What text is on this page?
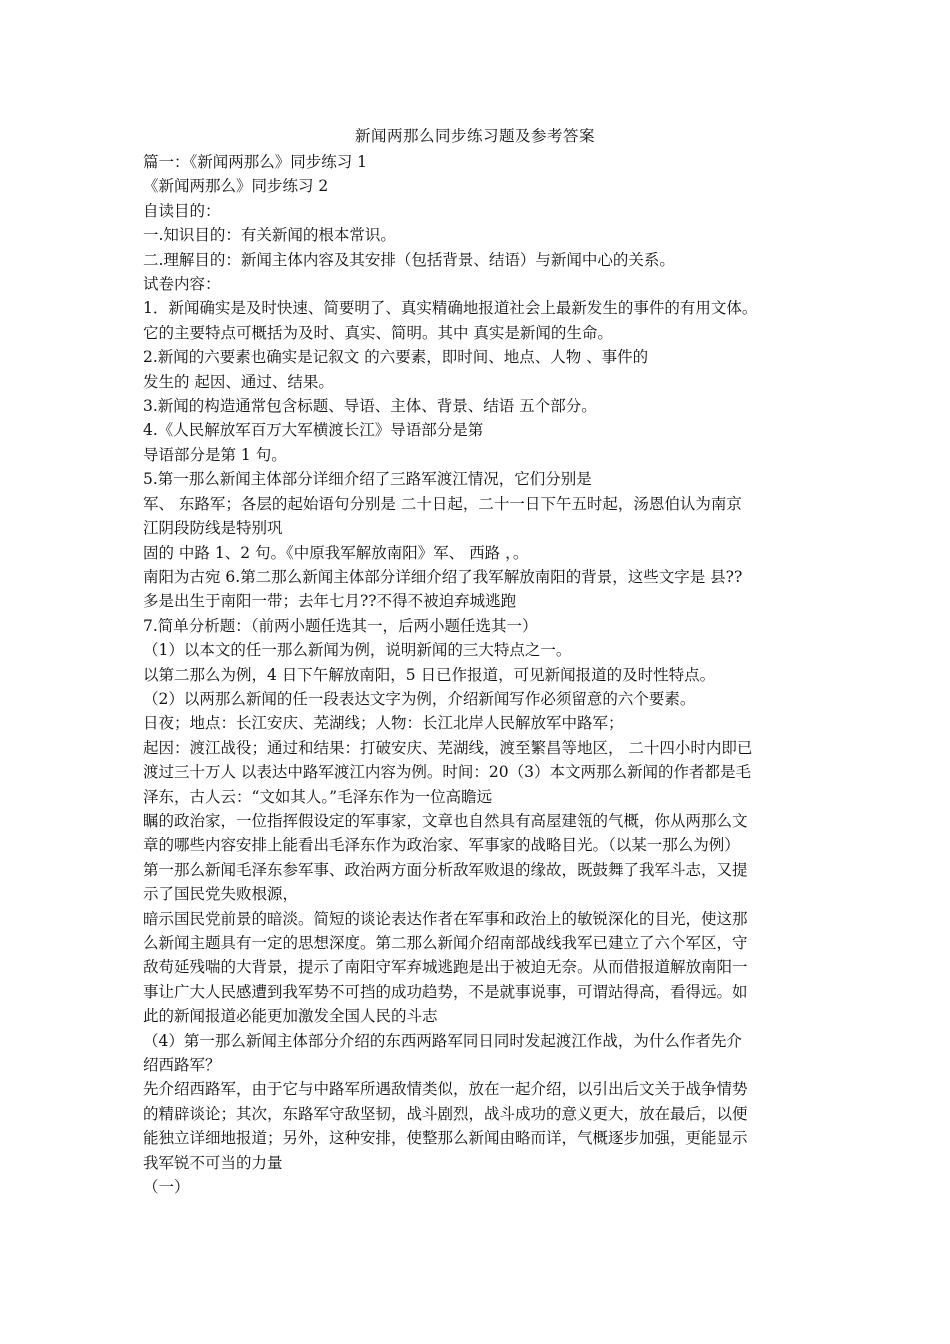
新闻两那么同步练习题及参考答案
篇一：《新闻两那么》同步练习 1
《新闻两那么》同步练习 2
自读目的：
一.知识目的：有关新闻的根本常识。
二.理解目的：新闻主体内容及其安排（包括背景、结语）与新闻中心的关系。
试卷内容：
1．新闻确实是及时快速、简要明了、真实精确地报道社会上最新发生的事件的有用文体。
它的主要特点可概括为及时、真实、简明。其中 真实是新闻的生命。
2.新闻的六要素也确实是记叙文 的六要素，即时间、地点、人物 、事件的
发生的 起因、通过、结果。
3.新闻的构造通常包含标题、导语、主体、背景、结语 五个部分。
4.《人民解放军百万大军横渡长江》导语部分是第
导语部分是第 1 句。
5.第一那么新闻主体部分详细介绍了三路军渡江情况，它们分别是
军、 东路军；各层的起始语句分别是 二十日起，二十一日下午五时起，汤恩伯认为南京
江阴段防线是特别巩
固的 中路 1、2 句。《中原我军解放南阳》军、 西路 ，。
南阳为古宛 6.第二那么新闻主体部分详细介绍了我军解放南阳的背景，这些文字是 县??
多是出生于南阳一带；去年七月??不得不被迫弃城逃跑
7.简单分析题：（前两小题任选其一，后两小题任选其一）
（1）以本文的任一那么新闻为例，说明新闻的三大特点之一。
以第二那么为例，4 日下午解放南阳，5 日已作报道，可见新闻报道的及时性特点。
（2）以两那么新闻的任一段表达文字为例，介绍新闻写作必须留意的六个要素。
日夜；地点：长江安庆、芜湖线；人物：长江北岸人民解放军中路军；
起因：渡江战役；通过和结果：打破安庆、芜湖线，渡至繁昌等地区， 二十四小时内即已
渡过三十万人 以表达中路军渡江内容为例。时间：20（3）本文两那么新闻的作者都是毛
泽东，古人云：“文如其人。”毛泽东作为一位高瞻远
瞩的政治家，一位指挥假设定的军事家，文章也自然具有高屋建瓴的气概，你从两那么文
章的哪些内容安排上能看出毛泽东作为政治家、军事家的战略目光。（以某一那么为例）
第一那么新闻毛泽东参军事、政治两方面分析敌军败退的缘故，既鼓舞了我军斗志，又提
示了国民党失败根源，
暗示国民党前景的暗淡。简短的谈论表达作者在军事和政治上的敏锐深化的目光，使这那
么新闻主题具有一定的思想深度。第二那么新闻介绍南部战线我军已建立了六个军区，守
敌苟延残喘的大背景，提示了南阳守军弃城逃跑是出于被迫无奈。从而借报道解放南阳一
事让广大人民感遭到我军势不可挡的成功趋势，不是就事说事，可谓站得高，看得远。如
此的新闻报道必能更加激发全国人民的斗志
（4）第一那么新闻主体部分介绍的东西两路军同日同时发起渡江作战，为什么作者先介
绍西路军？
先介绍西路军，由于它与中路军所遇敌情类似，放在一起介绍，以引出后文关于战争情势
的精辟谈论；其次，东路军守敌坚韧，战斗剧烈，战斗成功的意义更大，放在最后，以便
能独立详细地报道；另外，这种安排，使整那么新闻由略而详，气概逐步加强，更能显示
我军锐不可当的力量
（一）
